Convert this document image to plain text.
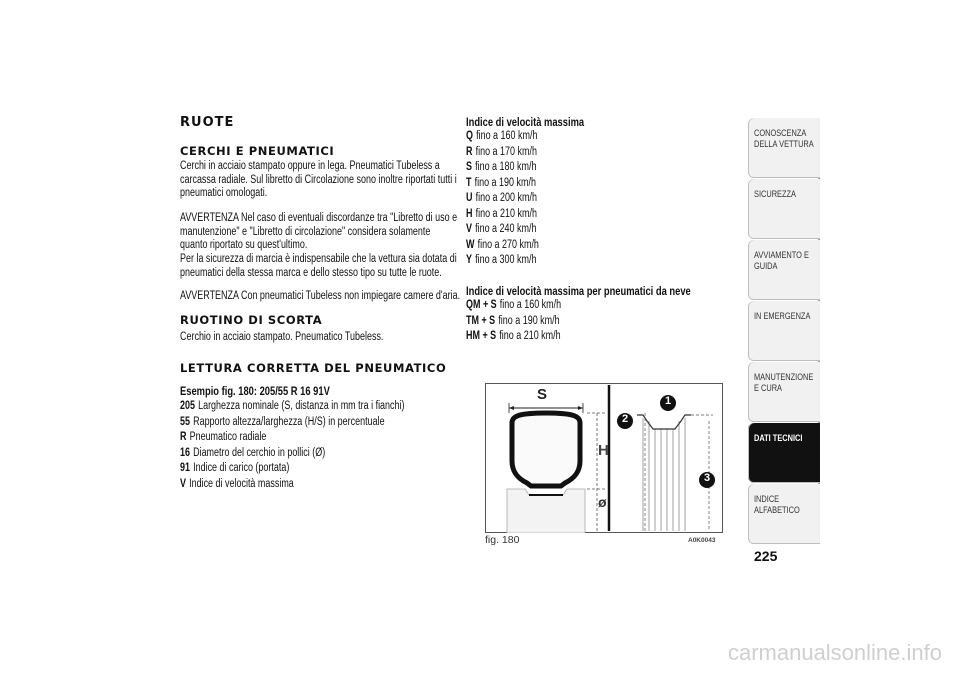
RUOTE
CERCHI E PNEUMATICI
Cerchi in acciaio stampato oppure in lega. Pneumatici Tubeless a
carcassa radiale. Sul libretto di Circolazione sono inoltre riportati tutti i
pneumatici omologati.
AVVERTENZA Nel caso di eventuali discordanze tra "Libretto di uso e
manutenzione" e "Libretto di circolazione" considera solamente
quanto riportato su quest'ultimo.
Per la sicurezza di marcia è indispensabile che la vettura sia dotata di
pneumatici della stessa marca e dello stesso tipo su tutte le ruote.
AVVERTENZA Con pneumatici Tubeless non impiegare camere d'aria.
RUOTINO DI SCORTA
Cerchio in acciaio stampato. Pneumatico Tubeless.
LETTURA CORRETTA DEL PNEUMATICO
Esempio fig. 180: 205/55 R 16 91V
205 Larghezza nominale (S, distanza in mm tra i fianchi)
55 Rapporto altezza/larghezza (H/S) in percentuale
R Pneumatico radiale
16 Diametro del cerchio in pollici (Ø)
91 Indice di carico (portata)
V Indice di velocità massima
Indice di velocità massima
Q fino a 160 km/h
R fino a 170 km/h
S fino a 180 km/h
T fino a 190 km/h
U fino a 200 km/h
H fino a 210 km/h
V fino a 240 km/h
W fino a 270 km/h
Y fino a 300 km/h
Indice di velocità massima per pneumatici da neve
QM + S fino a 160 km/h
TM + S fino a 190 km/h
HM + S fino a 210 km/h
S
H
ø
1
2
3
fig. 180	A0K0043
CONOSCENZA DELLA VETTURA
SICUREZZA
AVVIAMENTO E GUIDA
IN EMERGENZA
MANUTENZIONE E CURA
DATI TECNICI
INDICE ALFABETICO
225
carmanualsonline.info
